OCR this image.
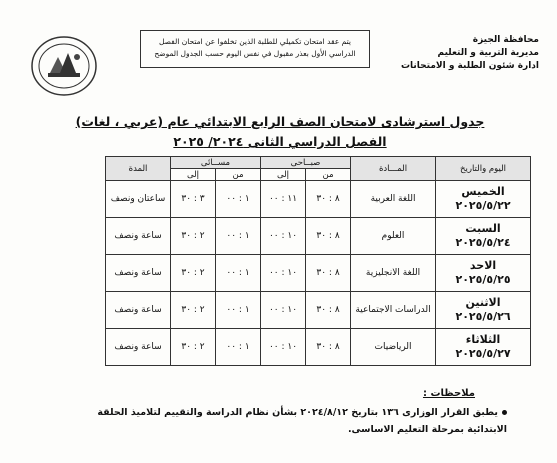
يتم عقد امتحان تكميلي للطلبة الذين تخلفوا عن امتحان الفصل
الدراسي الأول بعذر مقبول في نفس اليوم حسب الجدول الموضح
محافظة الجيزة
مديرية التربية و التعليم
ادارة شئون الطلبة و الامتحانات
جدول استرشادى لامتحان الصف الرابع الابتدائي عام (عربي ، لغات)
الفصل الدراسي الثانى ٢٠٢٤/ ٢٠٢٥
اليوم والتاريخ	المـــادة	صبــاحى		مســائى		المدة
		من	إلى	من	إلى	

الخميس
٢٠٢٥/٥/٢٢	اللغة العربية	٨ : ٣٠	١١ : ٠٠	١ : ٠٠	٣ : ٣٠	ساعتان ونصف

السبت
٢٠٢٥/٥/٢٤	العلوم	٨ : ٣٠	١٠ : ٠٠	١ : ٠٠	٢ : ٣٠	ساعة ونصف

الاحد
٢٠٢٥/٥/٢٥	اللغة الانجليزية	٨ : ٣٠	١٠ : ٠٠	١ : ٠٠	٢ : ٣٠	ساعة ونصف

الاثنين
٢٠٢٥/٥/٢٦	الدراسات الاجتماعية	٨ : ٣٠	١٠ : ٠٠	١ : ٠٠	٢ : ٣٠	ساعة ونصف

الثلاثاء
٢٠٢٥/٥/٢٧	الرياضيات	٨ : ٣٠	١٠ : ٠٠	١ : ٠٠	٢ : ٣٠	ساعة ونصف
ملاحظات :
يطبق القرار الوزارى ١٣٦ بتاريخ ٢٠٢٤/٨/١٢ بشأن نظام الدراسة والتقييم لتلاميذ الحلقة الابتدائية بمرحلة التعليم الاساسى.
